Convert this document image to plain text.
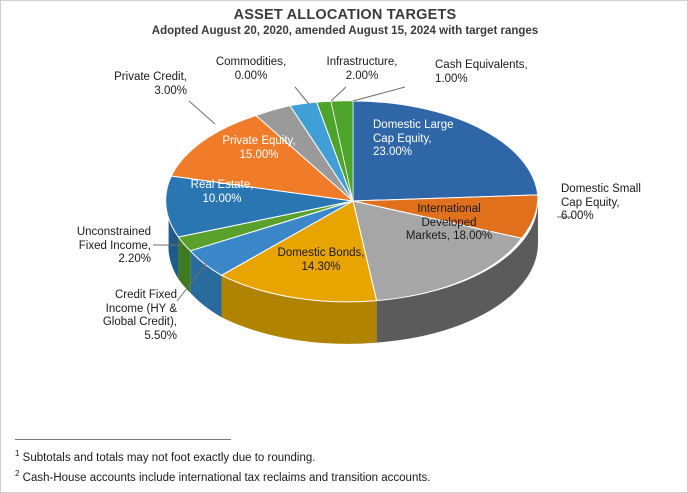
ASSET ALLOCATION TARGETS
Adopted August 20, 2020, amended August 15, 2024 with target ranges
Private Credit,
3.00%
Commodities,
0.00%
Infrastructure,
2.00%
Cash Equivalents,
1.00%
Domestic Small
Cap Equity,
6.00%
Unconstrained
Fixed Income,
2.20%
Credit Fixed
Income (HY &
Global Credit),
5.50%
Domestic Large
Cap Equity,
23.00%
International
Developed
Markets, 18.00%
Domestic Bonds,
14.30%
Real Estate,
10.00%
Private Equity,
15.00%
$^1$ Subtotals and totals may not foot exactly due to rounding.
$^2$ Cash-House accounts include international tax reclaims and transition accounts.
